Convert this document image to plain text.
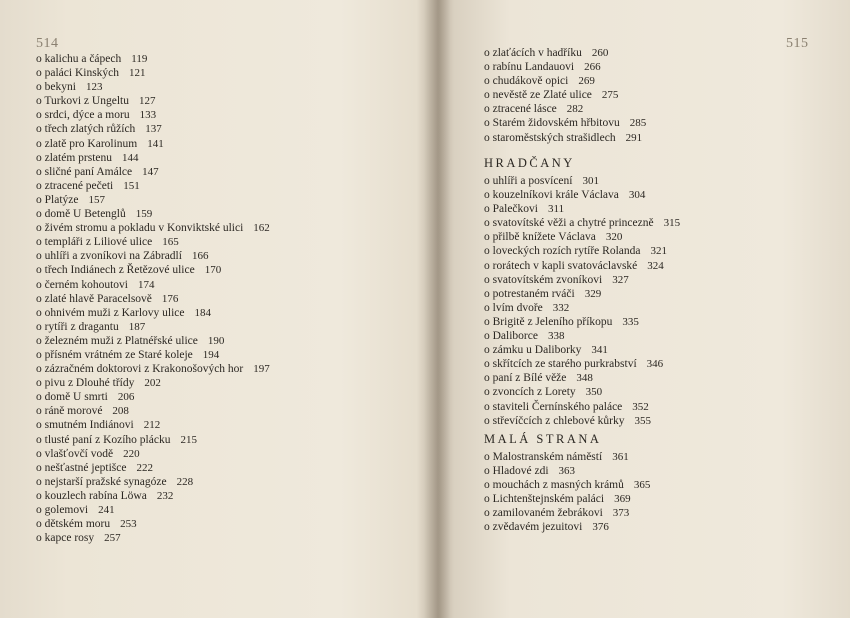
514
o kalichu a čápech 119
o paláci Kinských 121
o bekyni 123
o Turkovi z Ungeltu 127
o srdci, dýce a moru 133
o třech zlatých růžích 137
o zlatě pro Karolinum 141
o zlatém prstenu 144
o sličné paní Amálce 147
o ztracené pečeti 151
o Platýze 157
o domě U Betenglů 159
o živém stromu a pokladu v Konviktské ulici 162
o templáři z Liliové ulice 165
o uhlíři a zvoníkovi na Zábradlí 166
o třech Indiánech z Řetězové ulice 170
o černém kohoutovi 174
o zlaté hlavě Paracelsově 176
o ohnivém muži z Karlovy ulice 184
o rytíři z dragantu 187
o železném muži z Platnéřské ulice 190
o přísném vrátném ze Staré koleje 194
o zázračném doktorovi z Krakonošových hor 197
o pivu z Dlouhé třídy 202
o domě U smrti 206
o ráně morové 208
o smutném Indiánovi 212
o tlusté paní z Kozího plácku 215
o vlašťovčí vodě 220
o nešťastné jeptišce 222
o nejstarší pražské synagóze 228
o kouzlech rabína Löwa 232
o golemovi 241
o dětském moru 253
o kapce rosy 257
515
o zlaťácích v hadříku 260
o rabínu Landauovi 266
o chudákově opici 269
o nevěstě ze Zlaté ulice 275
o ztracené lásce 282
o Starém židovském hřbitovu 285
o staroměstských strašidlech 291
HRADČANY
o uhlíři a posvícení 301
o kouzelníkovi krále Václava 304
o Palečkovi 311
o svatovítské věži a chytré princezně 315
o přilbě knížete Václava 320
o loveckých rozích rytíře Rolanda 321
o rorátech v kapli svatováclavské 324
o svatovítském zvoníkovi 327
o potrestaném rváči 329
o lvím dvoře 332
o Brigitě z Jeleního příkopu 335
o Daliborce 338
o zámku u Daliborky 341
o skřítcích ze starého purkrabství 346
o paní z Bílé věže 348
o zvoncích z Lorety 350
o staviteli Černínského paláce 352
o střevíčcích z chlebové kůrky 355
MALÁ STRANA
o Malostranském náměstí 361
o Hladové zdi 363
o mouchách z masných krámů 365
o Lichtenštejnském paláci 369
o zamilovaném žebrákovi 373
o zvědavém jezuitovi 376
